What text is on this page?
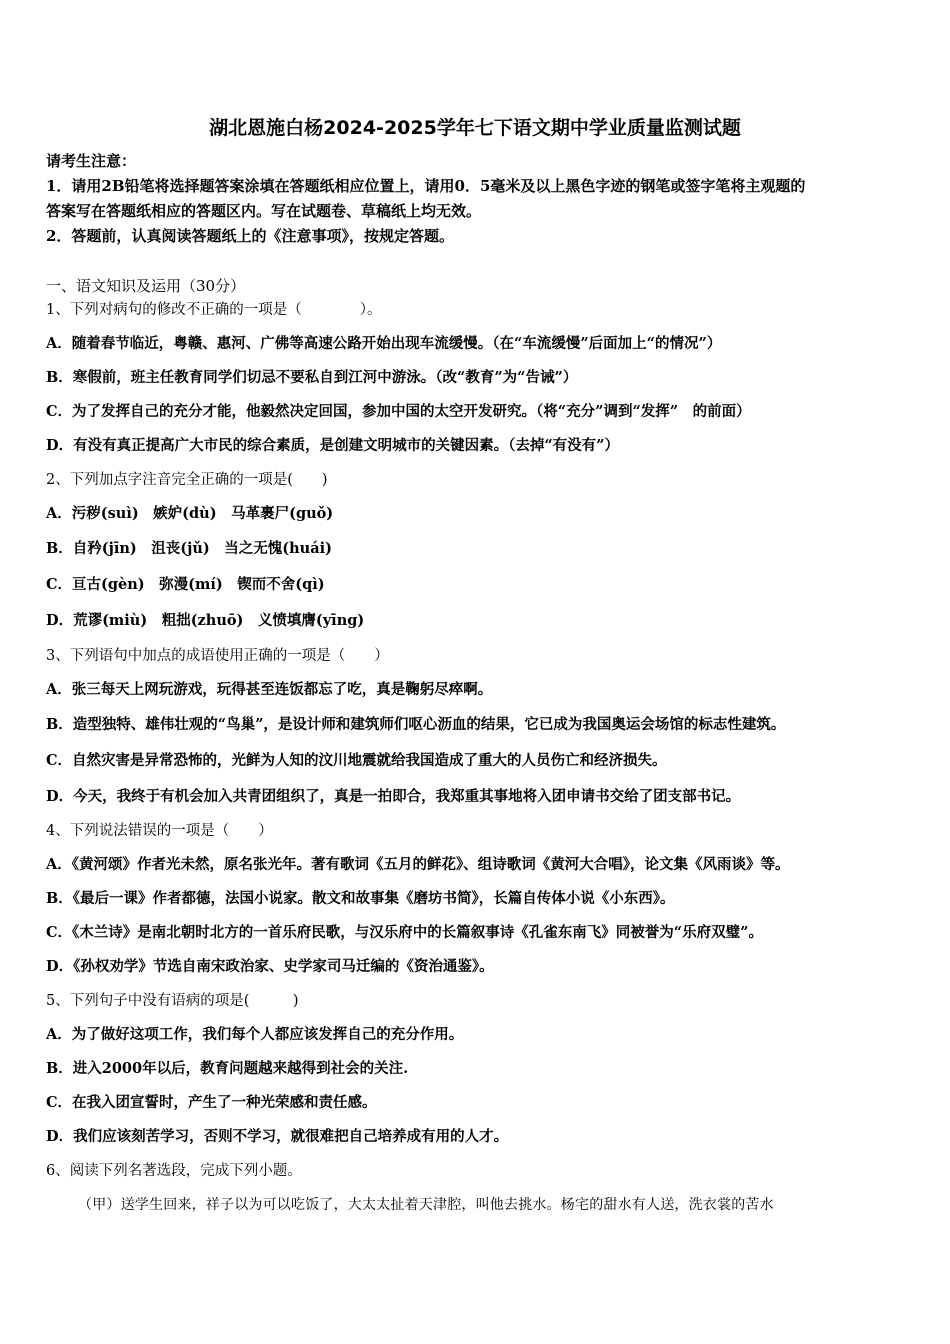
湖北恩施白杨2024-2025学年七下语文期中学业质量监测试题
请考生注意：
1．请用2B铅笔将选择题答案涂填在答题纸相应位置上，请用0．5毫米及以上黑色字迹的钢笔或签字笔将主观题的
答案写在答题纸相应的答题区内。写在试题卷、草稿纸上均无效。
2．答题前，认真阅读答题纸上的《注意事项》，按规定答题。
一、语文知识及运用（30分）
1、下列对病句的修改不正确的一项是（　　　　）。
A．随着春节临近，粤赣、惠河、广佛等高速公路开始出现车流缓慢。（在“车流缓慢”后面加上“的情况”）
B．寒假前，班主任教育同学们切忌不要私自到江河中游泳。（改“教育”为“告诫”）
C．为了发挥自己的充分才能，他毅然决定回国，参加中国的太空开发研究。（将“充分”调到“发挥”　的前面）
D．有没有真正提高广大市民的综合素质，是创建文明城市的关键因素。（去掉“有没有”）
2、下列加点字注音完全正确的一项是(　　)
A．污秽(suì)　嫉妒(dù)　马革裹尸(guǒ)
B．自矜(jīn)　沮丧(jǔ)　当之无愧(huái)
C．亘古(gèn)　弥漫(mí)　锲而不舍(qì)
D．荒谬(miù)　粗拙(zhuō)　义愤填膺(yīng)
3、下列语句中加点的成语使用正确的一项是（　　）
A．张三每天上网玩游戏，玩得甚至连饭都忘了吃，真是鞠躬尽瘁啊。
B．造型独特、雄伟壮观的“鸟巢”，是设计师和建筑师们呕心沥血的结果，它已成为我国奥运会场馆的标志性建筑。
C．自然灾害是异常恐怖的，光鲜为人知的汶川地震就给我国造成了重大的人员伤亡和经济损失。
D．今天，我终于有机会加入共青团组织了，真是一拍即合，我郑重其事地将入团申请书交给了团支部书记。
4、下列说法错误的一项是（　　）
A．《黄河颂》作者光未然，原名张光年。著有歌词《五月的鲜花》、组诗歌词《黄河大合唱》，论文集《风雨谈》等。
B．《最后一课》作者都德，法国小说家。散文和故事集《磨坊书简》，长篇自传体小说《小东西》。
C．《木兰诗》是南北朝时北方的一首乐府民歌，与汉乐府中的长篇叙事诗《孔雀东南飞》同被誉为“乐府双璧”。
D．《孙权劝学》节选自南宋政治家、史学家司马迁编的《资治通鉴》。
5、下列句子中没有语病的项是(　　　)
A．为了做好这项工作，我们每个人都应该发挥自己的充分作用。
B．进入2000年以后，教育问题越来越得到社会的关注.
C．在我入团宣誓时，产生了一种光荣感和责任感。
D．我们应该刻苦学习，否则不学习，就很难把自己培养成有用的人才。
6、阅读下列名著选段，完成下列小题。
（甲）送学生回来，祥子以为可以吃饭了，大太太扯着天津腔，叫他去挑水。杨宅的甜水有人送，洗衣裳的苦水
